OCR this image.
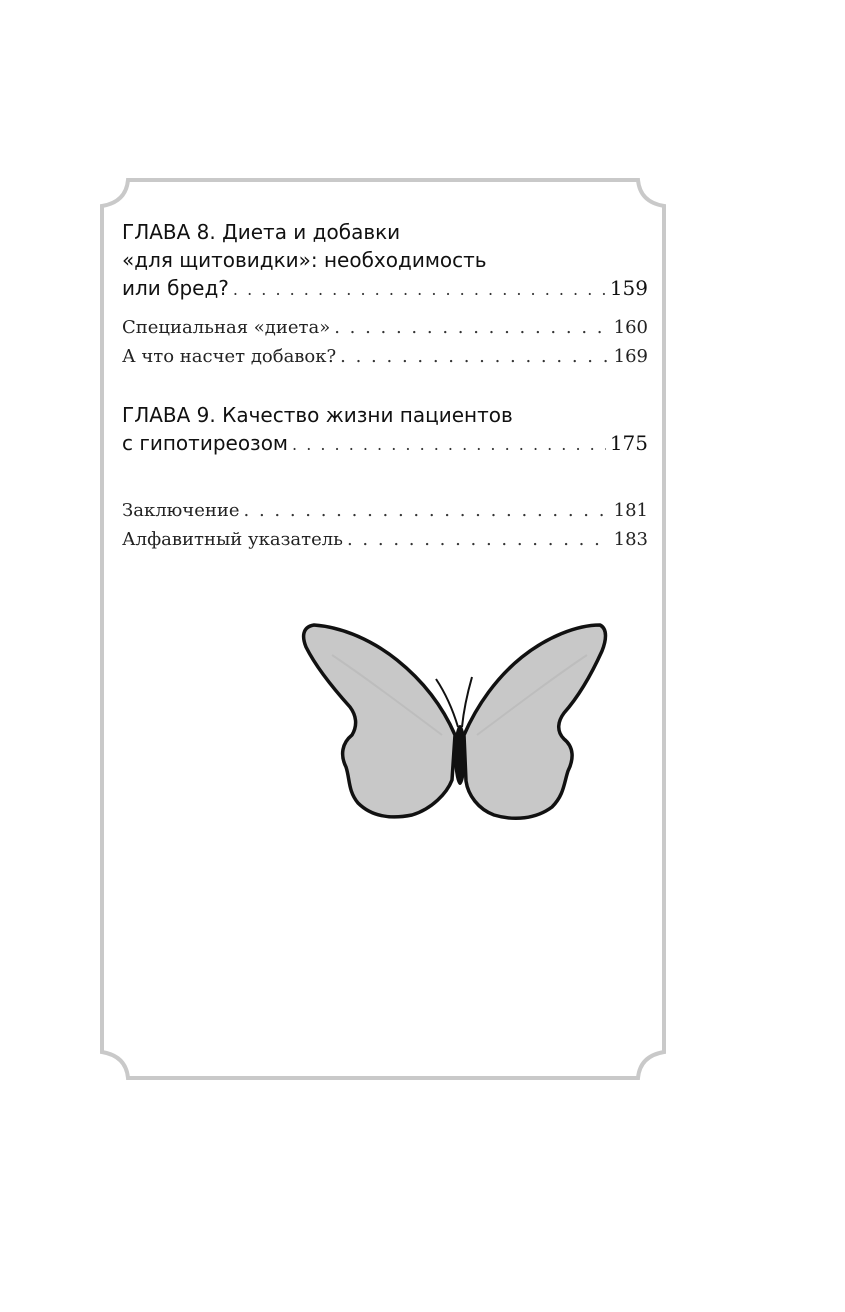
ГЛАВА 8. Диета и добавки
«для щитовидки»: необходимость
или бред? . . .	159
Специальная «диета» . . .	160
А что насчет добавок? . . .	169
ГЛАВА 9. Качество жизни пациентов
с гипотиреозом . . .	175
Заключение . . .	181
Алфавитный указатель . . .	183
